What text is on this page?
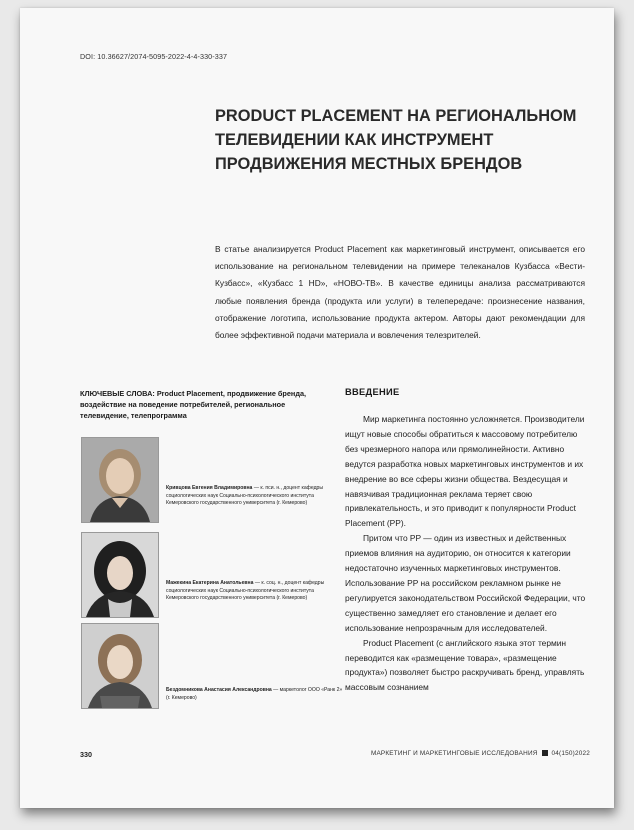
DOI: 10.36627/2074-5095-2022-4-4-330-337
PRODUCT PLACEMENT НА РЕГИОНАЛЬНОМ ТЕЛЕВИДЕНИИ КАК ИНСТРУМЕНТ ПРОДВИЖЕНИЯ МЕСТНЫХ БРЕНДОВ

В статье анализируется Product Placement как маркетинговый инструмент, описывается его использование на региональном телевидении на примере телеканалов Кузбасса «Вести-Кузбасс», «Кузбасс 1 HD», «НОВО-ТВ». В качестве единицы анализа рассматриваются любые появления бренда (продукта или услуги) в телепередаче: произнесение названия, отображение логотипа, использование продукта актером. Авторы дают рекомендации для более эффективной подачи материала и вовлечения телезрителей.

КЛЮЧЕВЫЕ СЛОВА: Product Placement, продвижение бренда, воздействие на поведение потребителей, региональное телевидение, телепрограмма
Кривцова Евгения Владимировна — к. пси. н., доцент кафедры социологических наук Социально-психологического института Кемеровского государственного университета (г. Кемерово)
Мажекина Екатерина Анатольевна — к. соц. н., доцент кафедры социологических наук Социально-психологического института Кемеровского государственного университета (г. Кемерово)
Бездомникова Анастасия Александровна — маркетолог ООО «Ранк 2» (г. Кемерово)
ВВЕДЕНИЕ

Мир маркетинга постоянно усложняется. Производители ищут новые способы обратиться к массовому потребителю без чрезмерного напора или прямолинейности. Активно ведутся разработка новых маркетинговых инструментов и их внедрение во все сферы жизни общества. Вездесущая и навязчивая традиционная реклама теряет свою привлекательность, и это приводит к популярности Product Placement (PP).

Притом что PP — один из известных и действенных приемов влияния на аудиторию, он относится к категории недостаточно изученных маркетинговых инструментов. Использование PP на российском рекламном рынке не регулируется законодательством Российской Федерации, что существенно замедляет его становление и делает его использование непрозрачным для исследователей.

Product Placement (с английского языка этот термин переводится как «размещение товара», «размещение продукта») позволяет быстро раскручивать бренд, управлять массовым сознанием

330	МАРКЕТИНГ И МАРКЕТИНГОВЫЕ ИССЛЕДОВАНИЯ 04(150)2022
